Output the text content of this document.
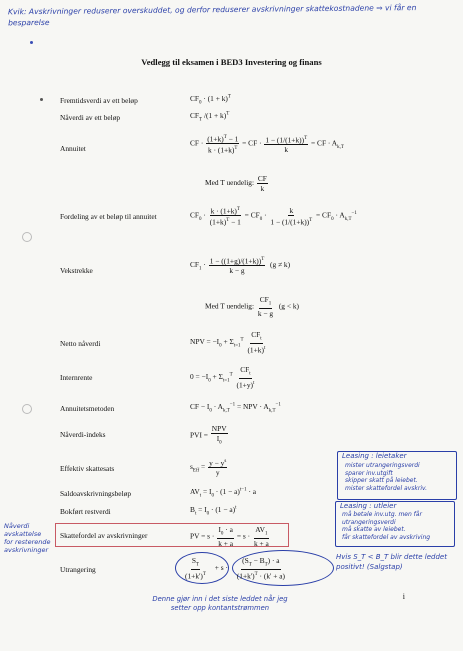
Kvik: Avskrivninger reduserer overskuddet, og derfor reduserer avskrivninger skattekostnadene ⇒ vi får en besparelse
Vedlegg til eksamen i BED3 Investering og finans
Fremtidsverdi av ett beløp
Nåverdi av ett beløp
Annuitet
Fordeling av et beløp til annuitet
Vekstrekke
Netto nåverdi
Internrente
Annuitetsmetoden
Nåverdi-indeks
Effektiv skattesats
Saldoavskrivningsbeløp
Bokført restverdi
Skattefordel av avskrivninger
Utrangering
$CF_0 \cdot (1 + k)^T$
$CF_T$ $/(1 + k)^T$
CF · $\frac{(1+k)^T - 1}{k \cdot (1+k)^T}$ = CF · $\frac{1 - (1/(1+k))^T}{k}$ = CF · $A_{k,T}$
Med T uendelig: $\frac{CF}{k}$
$CF_0 \cdot \frac{k \cdot (1+k)^T}{(1+k)^T - 1} = CF_0 \cdot \frac{k}{1 - (1/(1+k))^T} = CF_0 \cdot A_{k,T}^{-1}$
$CF_1 \cdot \frac{1 - ((1+g)/(1+k))^T}{k - g} (g \ne k)$
Med T uendelig: $\frac{CF_1}{k - g} (g < k)$
NPV = $-I_0 + \Sigma_{t=1}^T \frac{CF_t}{(1+k)^t}$
$0 = -I_0 + \Sigma_{t=1}^T \frac{CF_t}{(1+y)^t}$
CF − $I_0 \cdot A_{k,T}^{-1}$ = NPV · $A_{k,T}^{-1}$
PVI = $\frac{\text{NPV}}{I_0}$
$s_{Eff} = \frac{y - y^s}{y}$
$AV_t = I_0 \cdot (1 - a)^{t-1} \cdot a$
$B_t = I_0 \cdot (1 - a)^t$
PV = $s \cdot \frac{I_0 \cdot a}{k + a} = s \cdot \frac{AV_1}{k + a}$
$\frac{S_T}{(1+k')^T} + s \cdot \frac{(S_T - B_T) \cdot a}{(1+k')^T \cdot (k' + a)}$
Leasing : leietaker
mister utrangeringsverdi
sparer inv.utgift
skipper skatt på leiebet.
mister skattefordel avskriv.
Leasing : utleier
må betale inv.utg. men får utrangeringsverdi
må skatte av leiebet.
får skattefordel av avskriving
Nåverdi avskattelse for resterende avskrivninger
Hvis S_T < B_T blir dette leddet positivt! (Salgstap)
Denne gjør inn i det siste leddet når jeg setter opp kontantstrømmen
i
